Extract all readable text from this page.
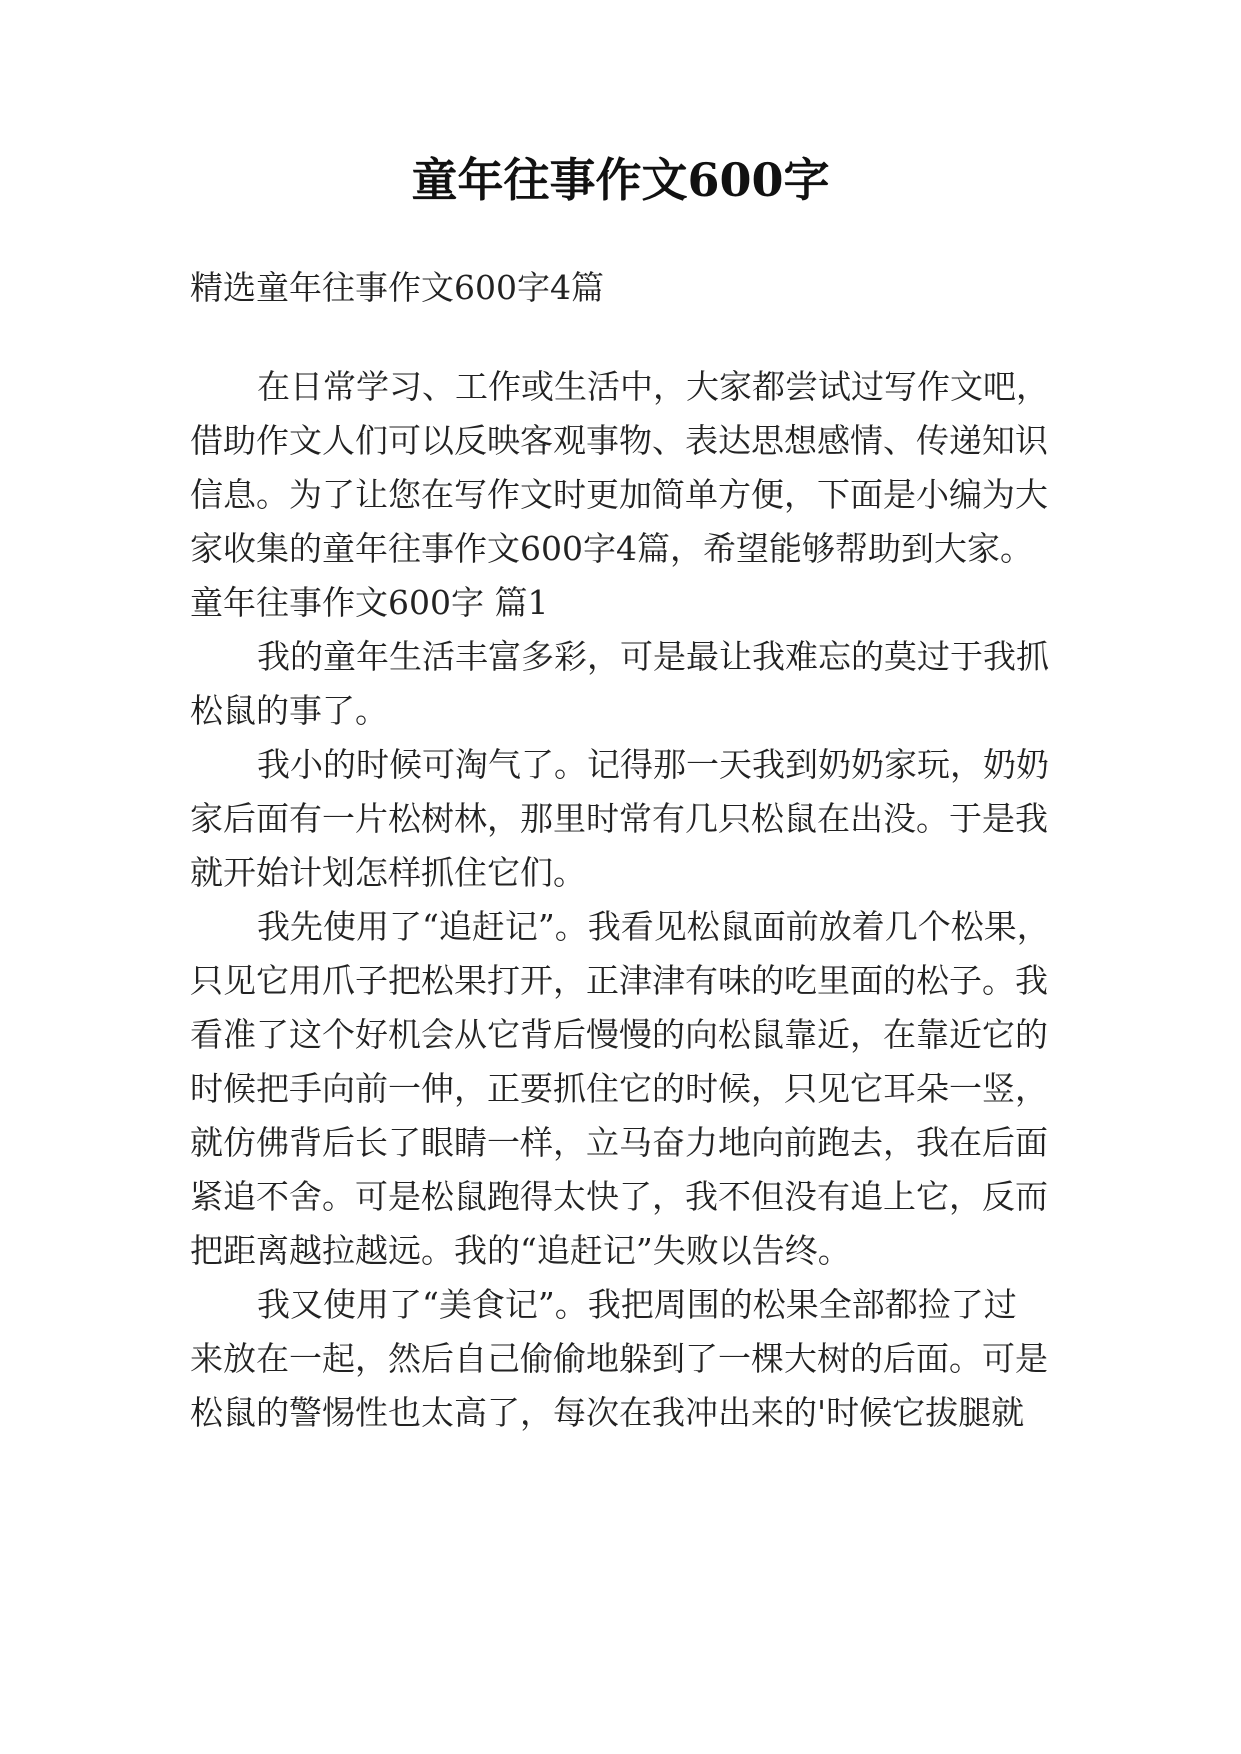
童年往事作文600字

精选童年往事作文600字4篇

在日常学习、工作或生活中，大家都尝试过写作文吧，

借助作文人们可以反映客观事物、表达思想感情、传递知识

信息。为了让您在写作文时更加简单方便，下面是小编为大

家收集的童年往事作文600字4篇，希望能够帮助到大家。

童年往事作文600字 篇1

我的童年生活丰富多彩，可是最让我难忘的莫过于我抓

松鼠的事了。

我小的时候可淘气了。记得那一天我到奶奶家玩，奶奶

家后面有一片松树林，那里时常有几只松鼠在出没。于是我

就开始计划怎样抓住它们。

我先使用了“追赶记”。我看见松鼠面前放着几个松果，

只见它用爪子把松果打开，正津津有味的吃里面的松子。我

看准了这个好机会从它背后慢慢的向松鼠靠近，在靠近它的

时候把手向前一伸，正要抓住它的时候，只见它耳朵一竖，

就仿佛背后长了眼睛一样，立马奋力地向前跑去，我在后面

紧追不舍。可是松鼠跑得太快了，我不但没有追上它，反而

把距离越拉越远。我的“追赶记”失败以告终。

我又使用了“美食记”。我把周围的松果全部都捡了过

来放在一起，然后自己偷偷地躲到了一棵大树的后面。可是

松鼠的警惕性也太高了，每次在我冲出来的'时候它拔腿就
